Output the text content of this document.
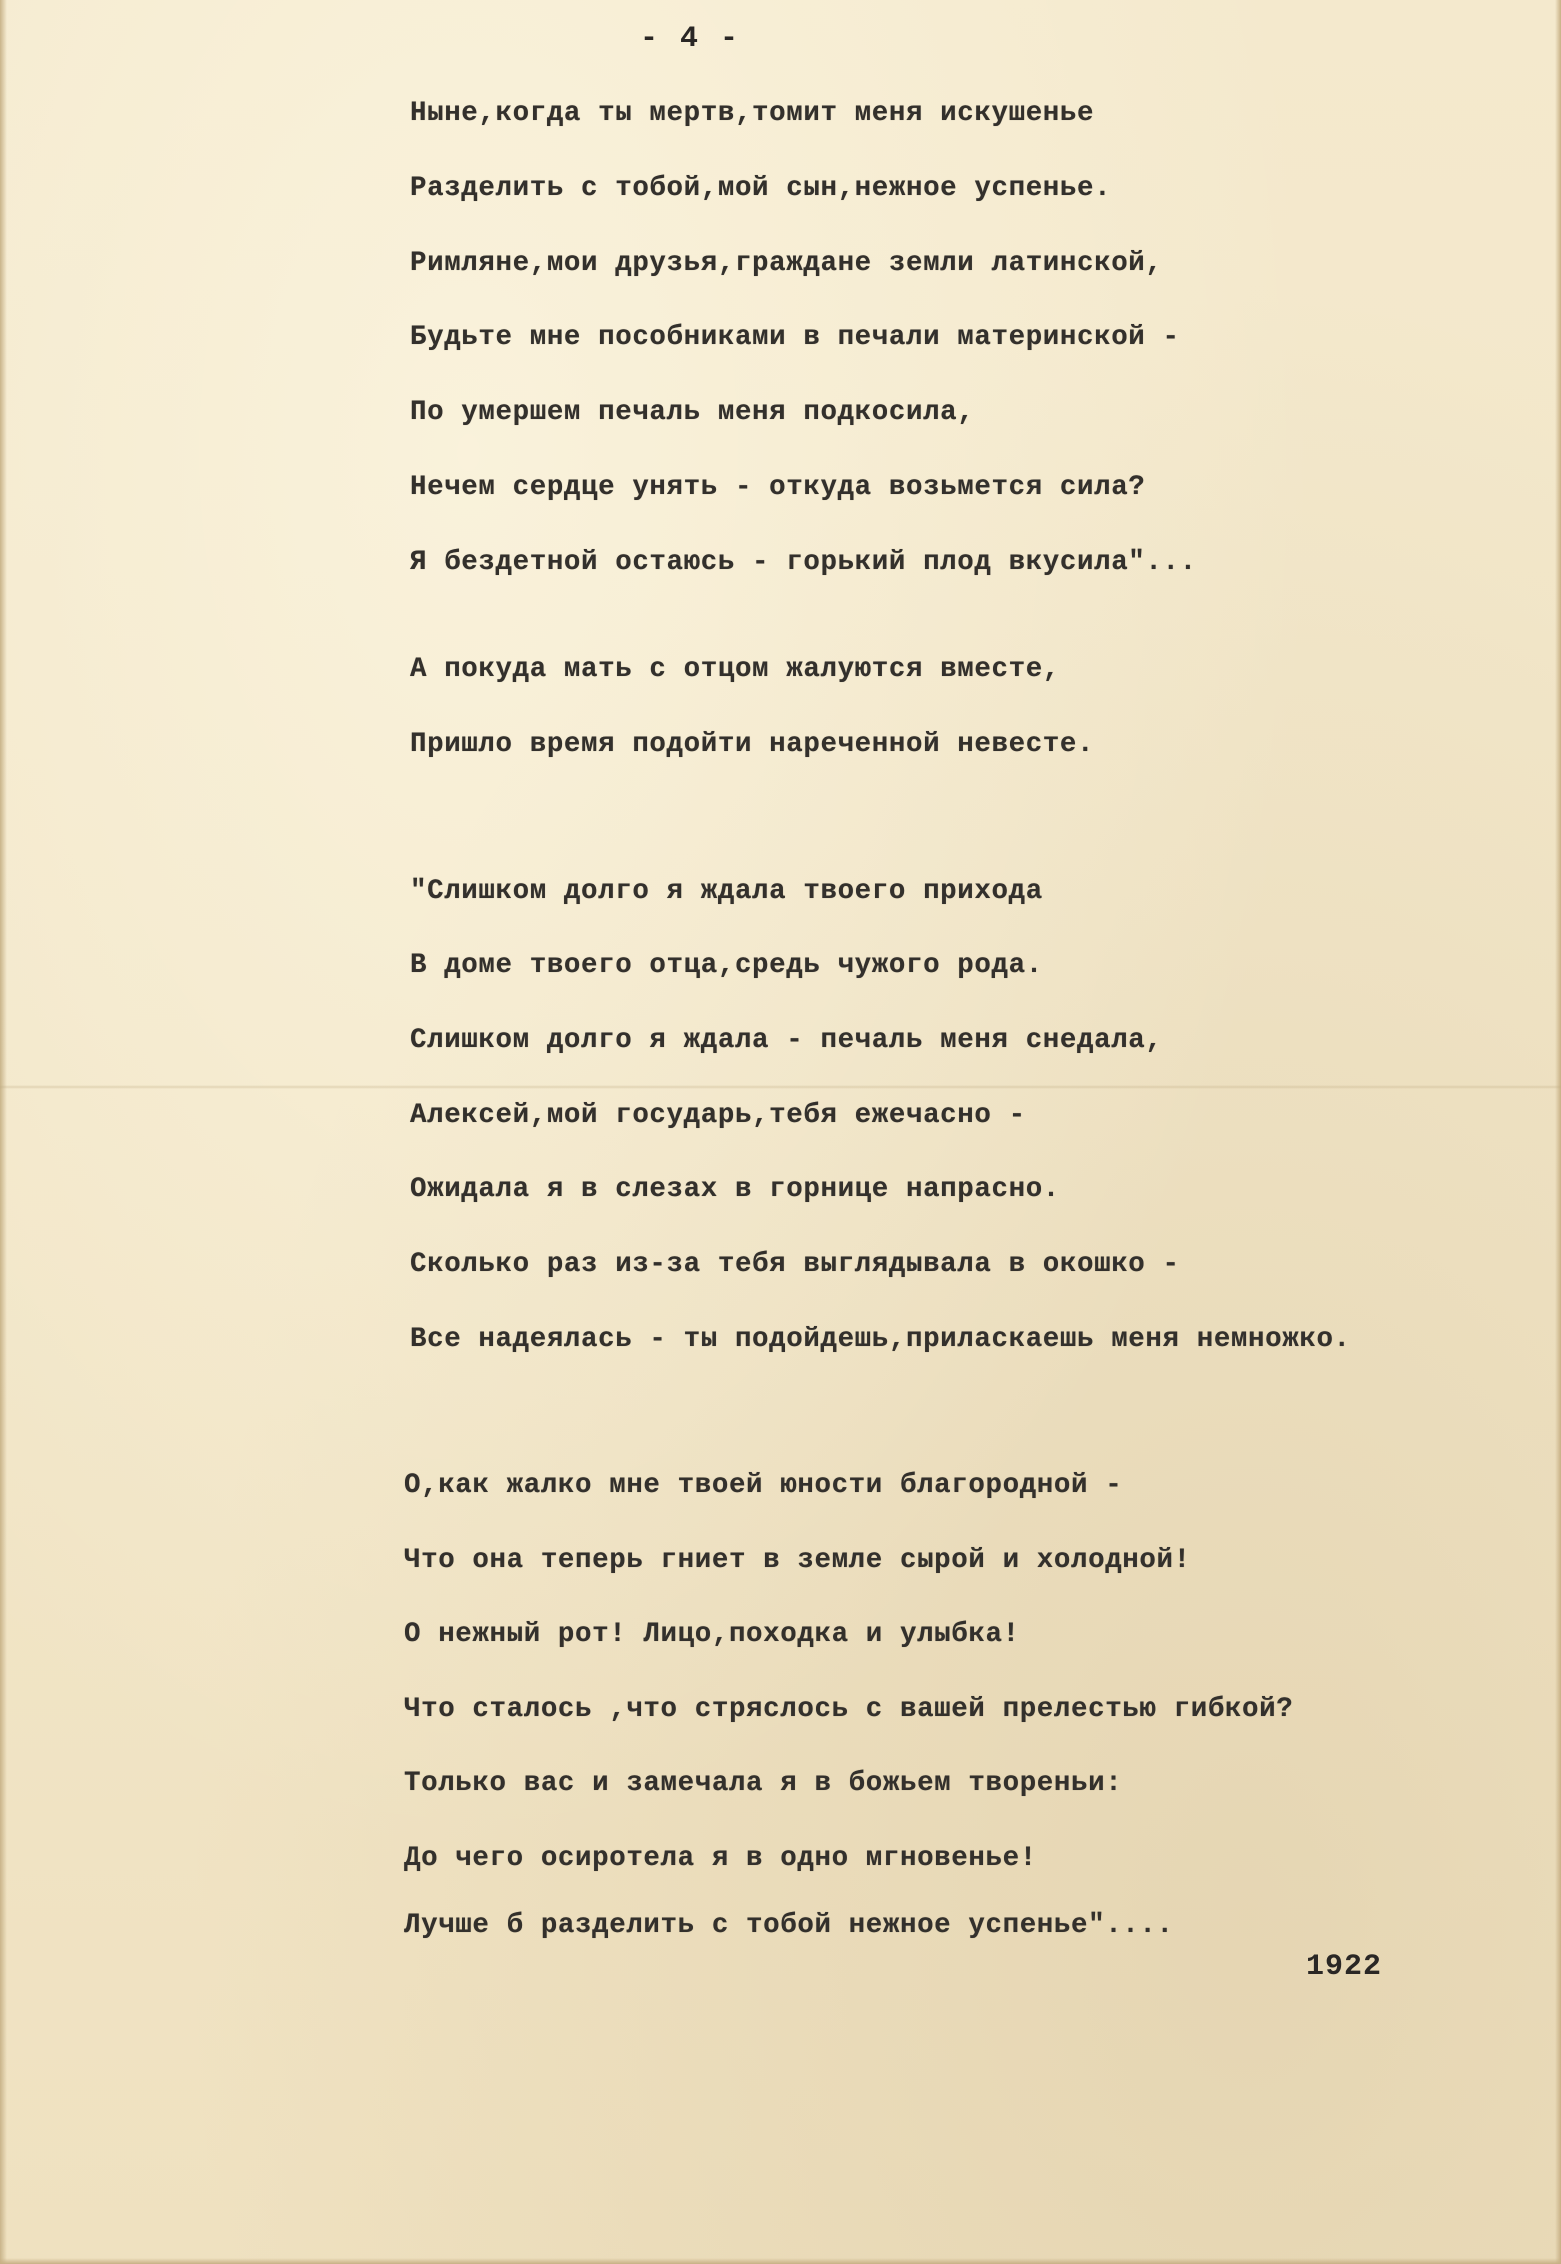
- 4 -
Ныне,когда ты мертв,томит меня искушенье
Разделить с тобой,мой сын,нежное успенье.
Римляне,мои друзья,граждане земли латинской,
Будьте мне пособниками в печали материнской -
По умершем печаль меня подкосила,
Нечем сердце унять - откуда возьмется сила?
Я бездетной остаюсь - горький плод вкусила"...
А покуда мать с отцом жалуются вместе,
Пришло время подойти нареченной невесте.
"Слишком долго я ждала твоего прихода
В доме твоего отца,средь чужого рода.
Слишком долго я ждала - печаль меня снедала,
Алексей,мой государь,тебя ежечасно -
Ожидала я в слезах в горнице напрасно.
Сколько раз из-за тебя выглядывала в окошко -
Все надеялась - ты подойдешь,приласкаешь меня немножко.
О,как жалко мне твоей юности благородной -
Что она теперь гниет в земле сырой и холодной!
О нежный рот! Лицо,походка и улыбка!
Что сталось ,что стряслось с вашей прелестью гибкой?
Только вас и замечала я в божьем твореньи:
До чего осиротела я в одно мгновенье!
Лучше б разделить с тобой нежное успенье"....
1922
